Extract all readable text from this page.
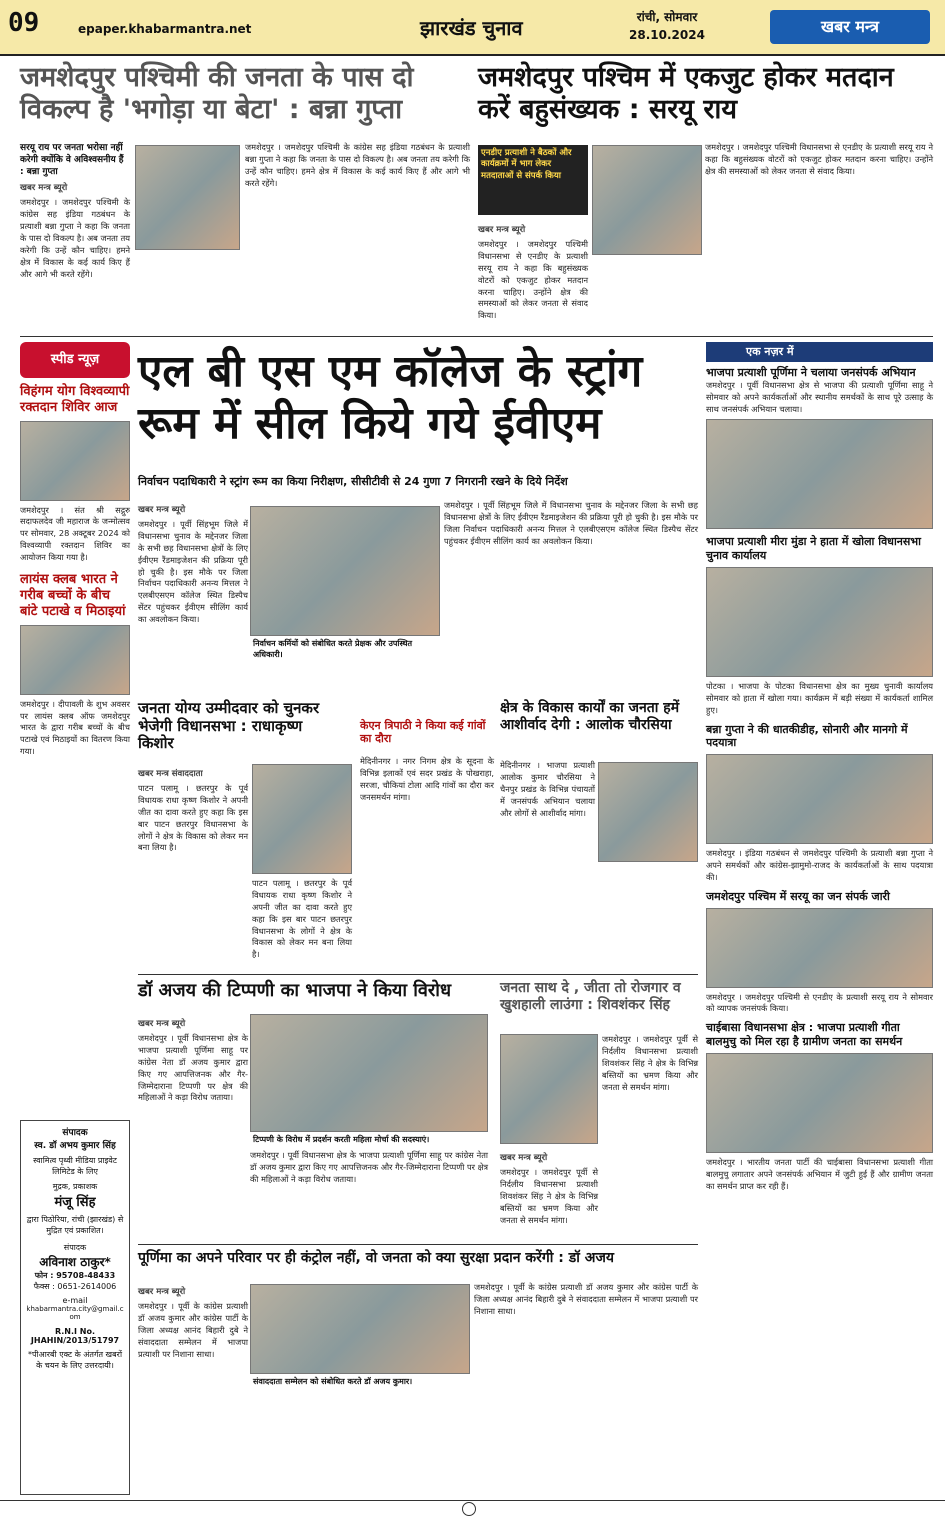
09	epaper.khabarmantra.net	झारखंड चुनाव	रांची, सोमवार
28.10.2024	खबर मन्त्र
जमशेदपुर पश्चिमी की जनता के पास दो विकल्प है 'भगोड़ा या बेटा' : बन्ना गुप्ता
सरयू राय पर जनता भरोसा नहीं करेगी क्योंकि वे अविश्वसनीय हैं : बन्ना गुप्ता
खबर मन्त्र ब्यूरो
जमशेदपुर । जमशेदपुर पश्चिमी के कांग्रेस सह इंडिया गठबंधन के प्रत्याशी बन्ना गुप्ता ने कहा कि जनता के पास दो विकल्प है। अब जनता तय करेगी कि उन्हें कौन चाहिए। हमने क्षेत्र में विकास के कई कार्य किए हैं और आगे भी करते रहेंगे।
जमशेदपुर । जमशेदपुर पश्चिमी के कांग्रेस सह इंडिया गठबंधन के प्रत्याशी बन्ना गुप्ता ने कहा कि जनता के पास दो विकल्प है। अब जनता तय करेगी कि उन्हें कौन चाहिए। हमने क्षेत्र में विकास के कई कार्य किए हैं और आगे भी करते रहेंगे।
जमशेदपुर पश्चिम में एकजुट होकर मतदान करें बहुसंख्यक : सरयू राय
एनडीए प्रत्याशी ने बैठकों और कार्यक्रमों में भाग लेकर मतदाताओं से संपर्क किया
खबर मन्त्र ब्यूरो
जमशेदपुर । जमशेदपुर पश्चिमी विधानसभा से एनडीए के प्रत्याशी सरयू राय ने कहा कि बहुसंख्यक वोटरों को एकजुट होकर मतदान करना चाहिए। उन्होंने क्षेत्र की समस्याओं को लेकर जनता से संवाद किया।
जमशेदपुर । जमशेदपुर पश्चिमी विधानसभा से एनडीए के प्रत्याशी सरयू राय ने कहा कि बहुसंख्यक वोटरों को एकजुट होकर मतदान करना चाहिए। उन्होंने क्षेत्र की समस्याओं को लेकर जनता से संवाद किया।
स्पीड न्यूज़
विहंगम योग विश्वव्यापी रक्तदान शिविर आज
जमशेदपुर । संत श्री सद्गुरु सदाफलदेव जी महाराज के जन्मोत्सव पर सोमवार, 28 अक्टूबर 2024 को विश्वव्यापी रक्तदान शिविर का आयोजन किया गया है।
लायंस क्लब भारत ने गरीब बच्चों के बीच बांटे पटाखे व मिठाइयां
जमशेदपुर । दीपावली के शुभ अवसर पर लायंस क्लब ऑफ जमशेदपुर भारत के द्वारा गरीब बच्चों के बीच पटाखे एवं मिठाइयों का वितरण किया गया।
एल बी एस एम कॉलेज के स्ट्रांग रूम में सील किये गये ईवीएम
निर्वाचन पदाधिकारी ने स्ट्रांग रूम का किया निरीक्षण, सीसीटीवी से 24 गुणा 7 निगरानी रखने के दिये निर्देश
खबर मन्त्र ब्यूरो
जमशेदपुर । पूर्वी सिंहभूम जिले में विधानसभा चुनाव के मद्देनजर जिला के सभी छह विधानसभा क्षेत्रों के लिए ईवीएम रैंडमाइजेशन की प्रक्रिया पूरी हो चुकी है। इस मौके पर जिला निर्वाचन पदाधिकारी अनन्य मित्तल ने एलबीएसएम कॉलेज स्थित डिस्पैच सेंटर पहुंचकर ईवीएम सीलिंग कार्य का अवलोकन किया।
निर्वाचन कर्मियों को संबोधित करते प्रेक्षक और उपस्थित अधिकारी।
जमशेदपुर । पूर्वी सिंहभूम जिले में विधानसभा चुनाव के मद्देनजर जिला के सभी छह विधानसभा क्षेत्रों के लिए ईवीएम रैंडमाइजेशन की प्रक्रिया पूरी हो चुकी है। इस मौके पर जिला निर्वाचन पदाधिकारी अनन्य मित्तल ने एलबीएसएम कॉलेज स्थित डिस्पैच सेंटर पहुंचकर ईवीएम सीलिंग कार्य का अवलोकन किया।
जनता योग्य उम्मीदवार को चुनकर भेजेगी विधानसभा : राधाकृष्ण किशोर
खबर मन्त्र संवाददाता
पाटन पलामू । छतरपुर के पूर्व विधायक राधा कृष्ण किशोर ने अपनी जीत का दावा करते हुए कहा कि इस बार पाटन छतरपुर विधानसभा के लोगों ने क्षेत्र के विकास को लेकर मन बना लिया है।
पाटन पलामू । छतरपुर के पूर्व विधायक राधा कृष्ण किशोर ने अपनी जीत का दावा करते हुए कहा कि इस बार पाटन छतरपुर विधानसभा के लोगों ने क्षेत्र के विकास को लेकर मन बना लिया है।
केएन त्रिपाठी ने किया कई गांवों का दौरा
मेदिनीनगर । नगर निगम क्षेत्र के सूदना के विभिन्न इलाकों एवं सदर प्रखंड के पोखराहा, सरजा, चौकियां टोला आदि गांवों का दौरा कर जनसमर्थन मांगा।
क्षेत्र के विकास कार्यों का जनता हमें आशीर्वाद देगी : आलोक चौरसिया
मेदिनीनगर । भाजपा प्रत्याशी आलोक कुमार चौरसिया ने चैनपुर प्रखंड के विभिन्न पंचायतों में जनसंपर्क अभियान चलाया और लोगों से आशीर्वाद मांगा।
डॉ अजय की टिप्पणी का भाजपा ने किया विरोध
खबर मन्त्र ब्यूरो
जमशेदपुर । पूर्वी विधानसभा क्षेत्र के भाजपा प्रत्याशी पूर्णिमा साहू पर कांग्रेस नेता डॉ अजय कुमार द्वारा किए गए आपत्तिजनक और गैर-जिम्मेदाराना टिप्पणी पर क्षेत्र की महिलाओं ने कड़ा विरोध जताया।
टिप्पणी के विरोध में प्रदर्शन करती महिला मोर्चा की सदस्याएं।
जमशेदपुर । पूर्वी विधानसभा क्षेत्र के भाजपा प्रत्याशी पूर्णिमा साहू पर कांग्रेस नेता डॉ अजय कुमार द्वारा किए गए आपत्तिजनक और गैर-जिम्मेदाराना टिप्पणी पर क्षेत्र की महिलाओं ने कड़ा विरोध जताया।
जनता साथ दे , जीता तो रोजगार व खुशहाली लाउंगा : शिवशंकर सिंह
खबर मन्त्र ब्यूरो
जमशेदपुर । जमशेदपुर पूर्वी से निर्दलीय विधानसभा प्रत्याशी शिवशंकर सिंह ने क्षेत्र के विभिन्न बस्तियों का भ्रमण किया और जनता से समर्थन मांगा।
जमशेदपुर । जमशेदपुर पूर्वी से निर्दलीय विधानसभा प्रत्याशी शिवशंकर सिंह ने क्षेत्र के विभिन्न बस्तियों का भ्रमण किया और जनता से समर्थन मांगा।
पूर्णिमा का अपने परिवार पर ही कंट्रोल नहीं, वो जनता को क्या सुरक्षा प्रदान करेंगी : डॉ अजय
खबर मन्त्र ब्यूरो
जमशेदपुर । पूर्वी के कांग्रेस प्रत्याशी डॉ अजय कुमार और कांग्रेस पार्टी के जिला अध्यक्ष आनंद बिहारी दुबे ने संवाददाता सम्मेलन में भाजपा प्रत्याशी पर निशाना साधा।
संवाददाता सम्मेलन को संबोधित करते डॉ अजय कुमार।
जमशेदपुर । पूर्वी के कांग्रेस प्रत्याशी डॉ अजय कुमार और कांग्रेस पार्टी के जिला अध्यक्ष आनंद बिहारी दुबे ने संवाददाता सम्मेलन में भाजपा प्रत्याशी पर निशाना साधा।
एक नज़र में
भाजपा प्रत्याशी पूर्णिमा ने चलाया जनसंपर्क अभियान
जमशेदपुर । पूर्वी विधानसभा क्षेत्र से भाजपा की प्रत्याशी पूर्णिमा साहू ने सोमवार को अपने कार्यकर्ताओं और स्थानीय समर्थकों के साथ पूरे उत्साह के साथ जनसंपर्क अभियान चलाया।
भाजपा प्रत्याशी मीरा मुंडा ने हाता में खोला विधानसभा चुनाव कार्यालय
पोटका । भाजपा के पोटका विधानसभा क्षेत्र का मुख्य चुनावी कार्यालय सोमवार को हाता में खोला गया। कार्यक्रम में बड़ी संख्या में कार्यकर्ता शामिल हुए।
बन्ना गुप्ता ने की धातकीडीह, सोनारी और मानगो में पदयात्रा
जमशेदपुर । इंडिया गठबंधन से जमशेदपुर पश्चिमी के प्रत्याशी बन्ना गुप्ता ने अपने समर्थकों और कांग्रेस-झामुमो-राजद के कार्यकर्ताओं के साथ पदयात्रा की।
जमशेदपुर पश्चिम में सरयू का जन संपर्क जारी
जमशेदपुर । जमशेदपुर पश्चिमी से एनडीए के प्रत्याशी सरयू राय ने सोमवार को व्यापक जनसंपर्क किया।
चाईबासा विधानसभा क्षेत्र : भाजपा प्रत्याशी गीता बालमुचु को मिल रहा है ग्रामीण जनता का समर्थन
जमशेदपुर । भारतीय जनता पार्टी की चाईबासा विधानसभा प्रत्याशी गीता बालमुचु लगातार अपने जनसंपर्क अभियान में जुटी हुई हैं और ग्रामीण जनता का समर्थन प्राप्त कर रही हैं।
संपादक
स्व. डॉ अभय कुमार सिंह
स्वामित्व पृथ्वी मीडिया प्राइवेट लिमिटेड के लिए
मुद्रक, प्रकाशक
मंजू सिंह
द्वारा पिठोरिया, रांची (झारखंड) से मुद्रित एवं प्रकाशित।
संपादक
अविनाश ठाकुर*
फोन : 95708-48433
फैक्स : 0651-2614006
e-mail
khabarmantra.city@gmail.com
R.N.I No. JHAHIN/2013/51797
*पीआरबी एक्ट के अंतर्गत खबरों के चयन के लिए उत्तरदायी।
